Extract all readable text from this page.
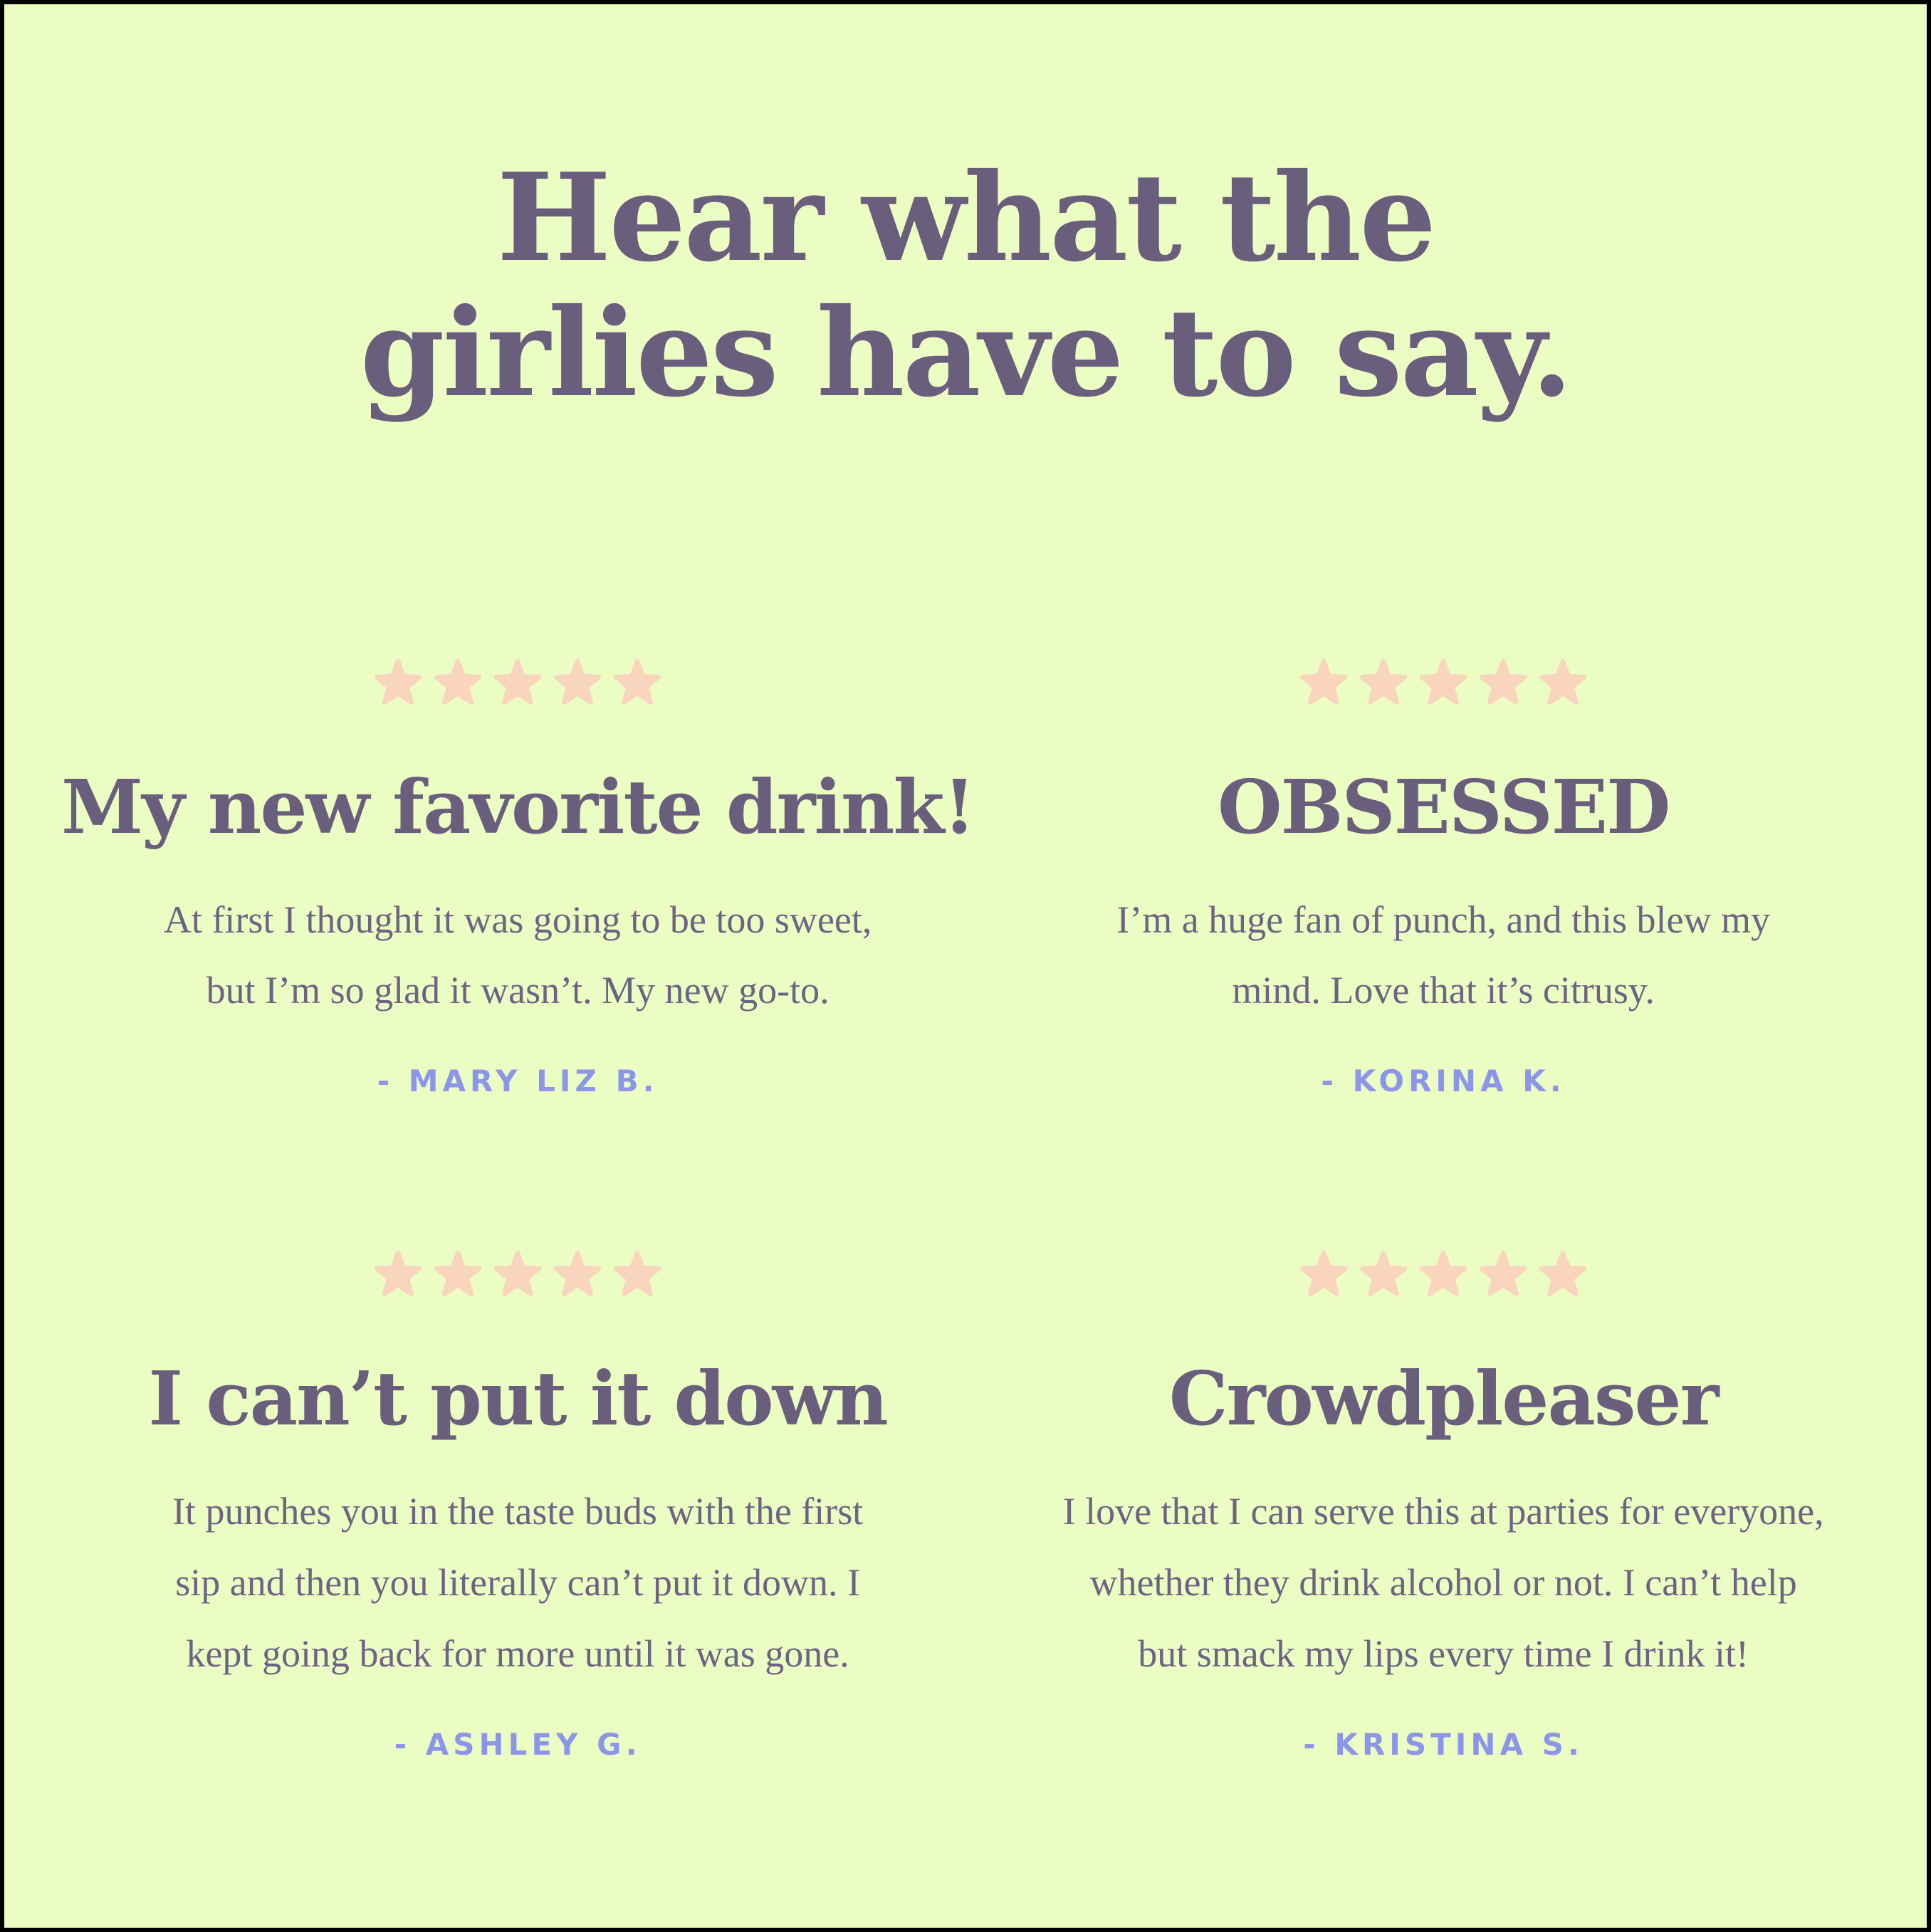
Hear what the
girlies have to say.
My new favorite drink!
At first I thought it was going to be too sweet,
but I’m so glad it wasn’t. My new go-to.
- MARY LIZ B.
OBSESSED
I’m a huge fan of punch, and this blew my
mind. Love that it’s citrusy.
- KORINA K.
I can’t put it down
It punches you in the taste buds with the first
sip and then you literally can’t put it down. I
kept going back for more until it was gone.
- ASHLEY G.
Crowdpleaser
I love that I can serve this at parties for everyone,
whether they drink alcohol or not. I can’t help
but smack my lips every time I drink it!
- KRISTINA S.
